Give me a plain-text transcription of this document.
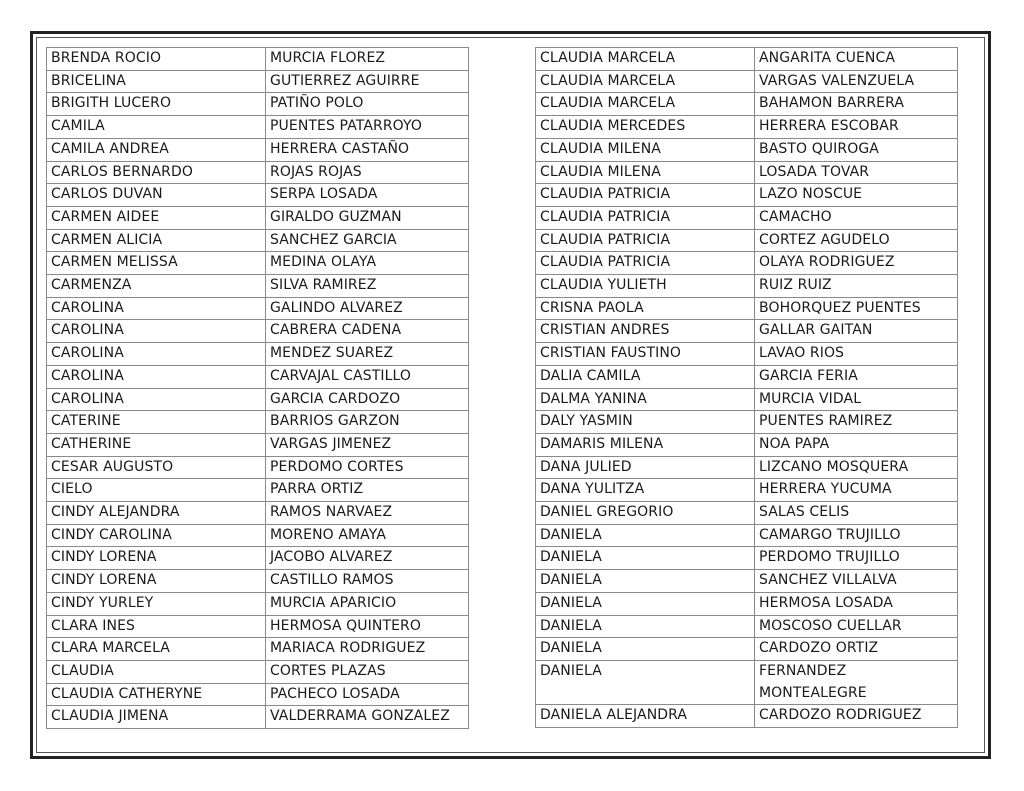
BRENDA ROCIO	MURCIA FLOREZ
BRICELINA	GUTIERREZ AGUIRRE
BRIGITH LUCERO	PATIÑO POLO
CAMILA	PUENTES PATARROYO
CAMILA ANDREA	HERRERA CASTAÑO
CARLOS BERNARDO	ROJAS ROJAS
CARLOS DUVAN	SERPA LOSADA
CARMEN AIDEE	GIRALDO GUZMAN
CARMEN ALICIA	SANCHEZ GARCIA
CARMEN MELISSA	MEDINA OLAYA
CARMENZA	SILVA RAMIREZ
CAROLINA	GALINDO ALVAREZ
CAROLINA	CABRERA CADENA
CAROLINA	MENDEZ SUAREZ
CAROLINA	CARVAJAL CASTILLO
CAROLINA	GARCIA CARDOZO
CATERINE	BARRIOS GARZON
CATHERINE	VARGAS JIMENEZ
CESAR AUGUSTO	PERDOMO CORTES
CIELO	PARRA ORTIZ
CINDY ALEJANDRA	RAMOS NARVAEZ
CINDY CAROLINA	MORENO AMAYA
CINDY LORENA	JACOBO ALVAREZ
CINDY LORENA	CASTILLO RAMOS
CINDY YURLEY	MURCIA APARICIO
CLARA INES	HERMOSA QUINTERO
CLARA MARCELA	MARIACA RODRIGUEZ
CLAUDIA	CORTES PLAZAS
CLAUDIA CATHERYNE	PACHECO LOSADA
CLAUDIA JIMENA	VALDERRAMA GONZALEZ
CLAUDIA MARCELA	ANGARITA CUENCA
CLAUDIA MARCELA	VARGAS VALENZUELA
CLAUDIA MARCELA	BAHAMON BARRERA
CLAUDIA MERCEDES	HERRERA ESCOBAR
CLAUDIA MILENA	BASTO QUIROGA
CLAUDIA MILENA	LOSADA TOVAR
CLAUDIA PATRICIA	LAZO NOSCUE
CLAUDIA PATRICIA	CAMACHO
CLAUDIA PATRICIA	CORTEZ AGUDELO
CLAUDIA PATRICIA	OLAYA RODRIGUEZ
CLAUDIA YULIETH	RUIZ RUIZ
CRISNA PAOLA	BOHORQUEZ PUENTES
CRISTIAN ANDRES	GALLAR GAITAN
CRISTIAN FAUSTINO	LAVAO RIOS
DALIA CAMILA	GARCIA FERIA
DALMA YANINA	MURCIA VIDAL
DALY YASMIN	PUENTES RAMIREZ
DAMARIS MILENA	NOA PAPA
DANA JULIED	LIZCANO MOSQUERA
DANA YULITZA	HERRERA YUCUMA
DANIEL GREGORIO	SALAS CELIS
DANIELA	CAMARGO TRUJILLO
DANIELA	PERDOMO TRUJILLO
DANIELA	SANCHEZ VILLALVA
DANIELA	HERMOSA LOSADA
DANIELA	MOSCOSO CUELLAR
DANIELA	CARDOZO ORTIZ
DANIELA	FERNANDEZ MONTEALEGRE
DANIELA ALEJANDRA	CARDOZO RODRIGUEZ
